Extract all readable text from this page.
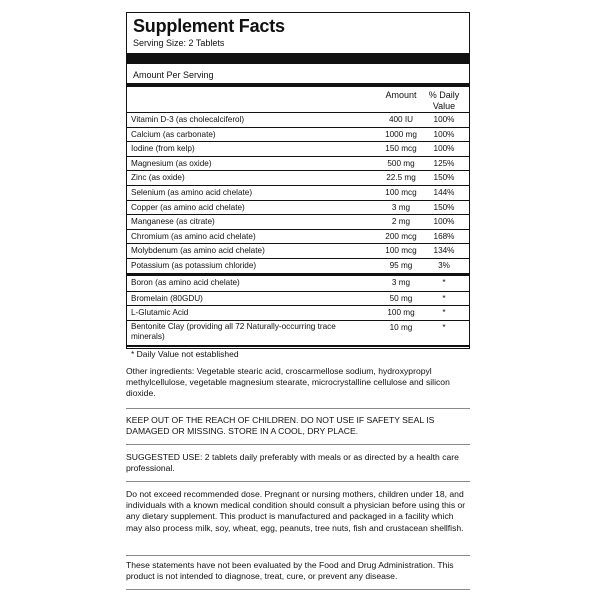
Supplement Facts
Serving Size: 2 Tablets
Amount Per Serving
Amount	% Daily
Value
Vitamin D-3 (as cholecalciferol)	400 IU	100%
Calcium (as carbonate)	1000 mg	100%
Iodine (from kelp)	150 mcg	100%
Magnesium (as oxide)	500 mg	125%
Zinc (as oxide)	22.5 mg	150%
Selenium (as amino acid chelate)	100 mcg	144%
Copper (as amino acid chelate)	3 mg	150%
Manganese (as citrate)	2 mg	100%
Chromium (as amino acid chelate)	200 mcg	168%
Molybdenum (as amino acid chelate)	100 mcg	134%
Potassium (as potassium chloride)	95 mg	3%
Boron (as amino acid chelate)	3 mg	*
Bromelain (80GDU)	50 mg	*
L-Glutamic Acid	100 mg	*
Bentonite Clay (providing all 72 Naturally-occurring trace minerals)
10 mg	*
* Daily Value not established
Other ingredients: Vegetable stearic acid, croscarmellose sodium, hydroxypropyl methylcellulose, vegetable magnesium stearate, microcrystalline cellulose and silicon dioxide.
KEEP OUT OF THE REACH OF CHILDREN. DO NOT USE IF SAFETY SEAL IS DAMAGED OR MISSING. STORE IN A COOL, DRY PLACE.
SUGGESTED USE: 2 tablets daily preferably with meals or as directed by a health care professional.
Do not exceed recommended dose. Pregnant or nursing mothers, children under 18, and individuals with a known medical condition should consult a physician before using this or any dietary supplement. This product is manufactured and packaged in a facility which may also process milk, soy, wheat, egg, peanuts, tree nuts, fish and crustacean shellfish.
These statements have not been evaluated by the Food and Drug Administration. This product is not intended to diagnose, treat, cure, or prevent any disease.
